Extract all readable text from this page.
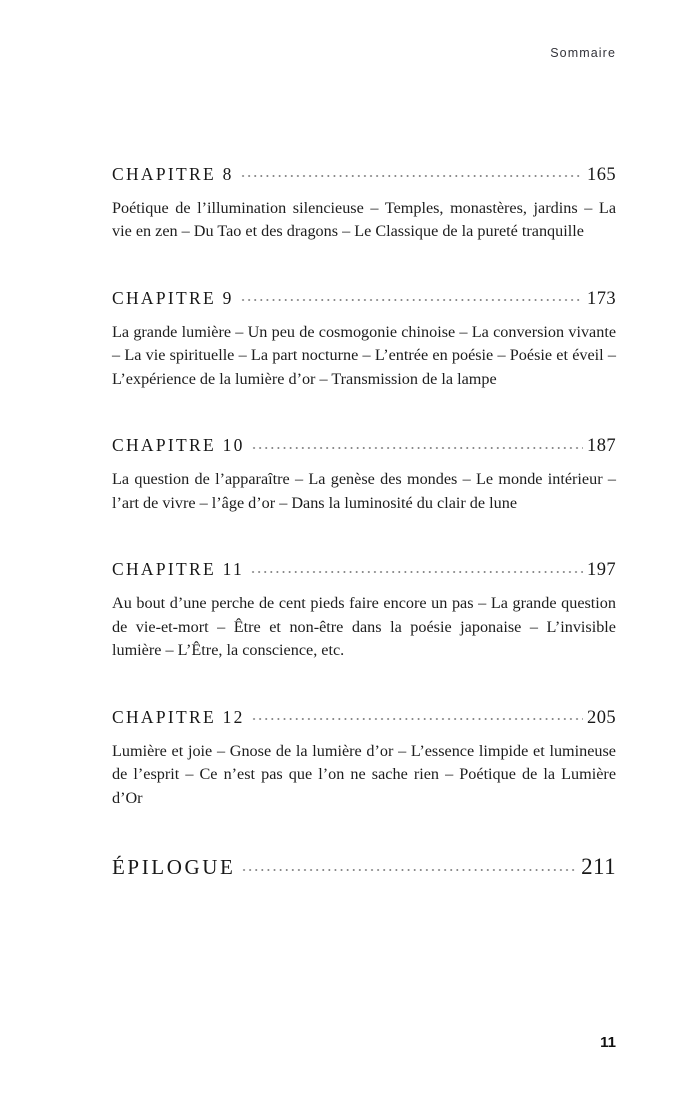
Sommaire
CHAPITRE 8	165
Poétique de l’illumination silencieuse – Temples, monastères, jardins – La vie en zen – Du Tao et des dragons – Le Classique de la pureté tranquille
CHAPITRE 9	173
La grande lumière – Un peu de cosmogonie chinoise – La conversion vivante – La vie spirituelle – La part nocturne – L’entrée en poésie – Poésie et éveil – L’expérience de la lumière d’or – Transmission de la lampe
CHAPITRE 10	187
La question de l’apparaître – La genèse des mondes – Le monde intérieur – l’art de vivre – l’âge d’or – Dans la luminosité du clair de lune
CHAPITRE 11	197
Au bout d’une perche de cent pieds faire encore un pas – La grande question de vie-et-mort – Être et non-être dans la poésie japonaise – L’invisible lumière – L’Être, la conscience, etc.
CHAPITRE 12	205
Lumière et joie – Gnose de la lumière d’or – L’essence limpide et lumineuse de l’esprit – Ce n’est pas que l’on ne sache rien – Poétique de la Lumière d’Or
ÉPILOGUE	211
11
